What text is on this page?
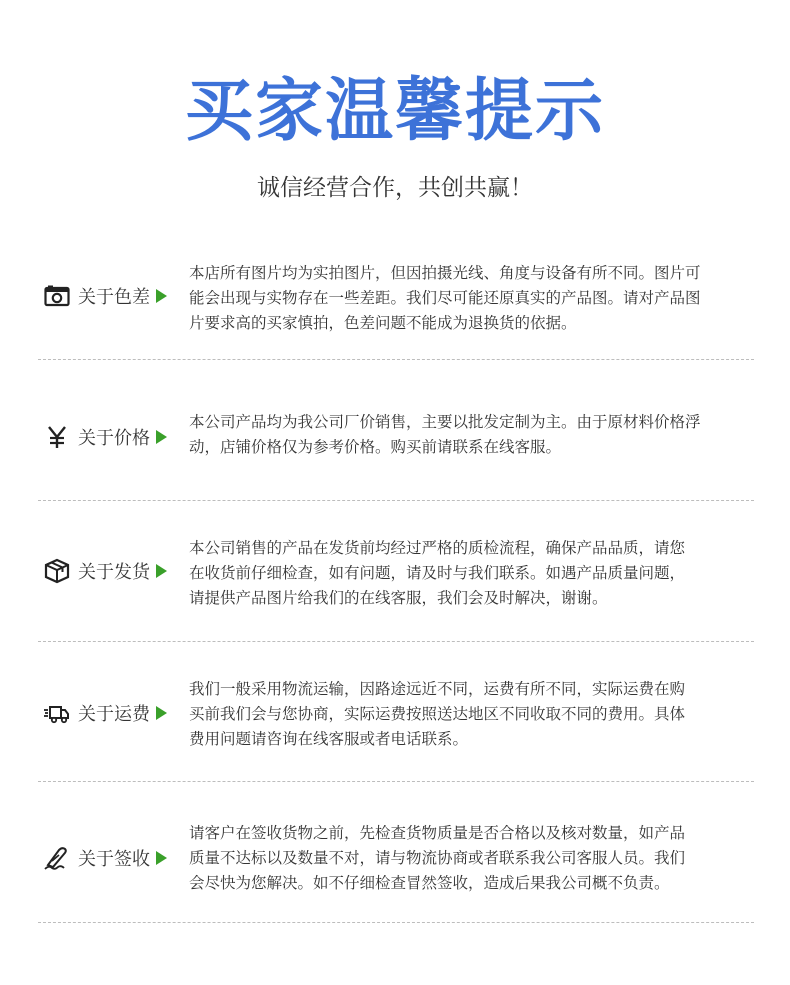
买家温馨提示
诚信经营合作，共创共赢！
关于色差

本店所有图片均为实拍图片，但因拍摄光线、角度与设备有所不同。图片可

能会出现与实物存在一些差距。我们尽可能还原真实的产品图。请对产品图

片要求高的买家慎拍，色差问题不能成为退换货的依据。

关于价格

本公司产品均为我公司厂价销售，主要以批发定制为主。由于原材料价格浮

动，店铺价格仅为参考价格。购买前请联系在线客服。

关于发货

本公司销售的产品在发货前均经过严格的质检流程，确保产品品质，请您

在收货前仔细检查，如有问题，请及时与我们联系。如遇产品质量问题，

请提供产品图片给我们的在线客服，我们会及时解决，谢谢。

关于运费

我们一般采用物流运输，因路途远近不同，运费有所不同，实际运费在购

买前我们会与您协商，实际运费按照送达地区不同收取不同的费用。具体

费用问题请咨询在线客服或者电话联系。

关于签收

请客户在签收货物之前，先检查货物质量是否合格以及核对数量，如产品

质量不达标以及数量不对，请与物流协商或者联系我公司客服人员。我们

会尽快为您解决。如不仔细检查冒然签收，造成后果我公司概不负责。
